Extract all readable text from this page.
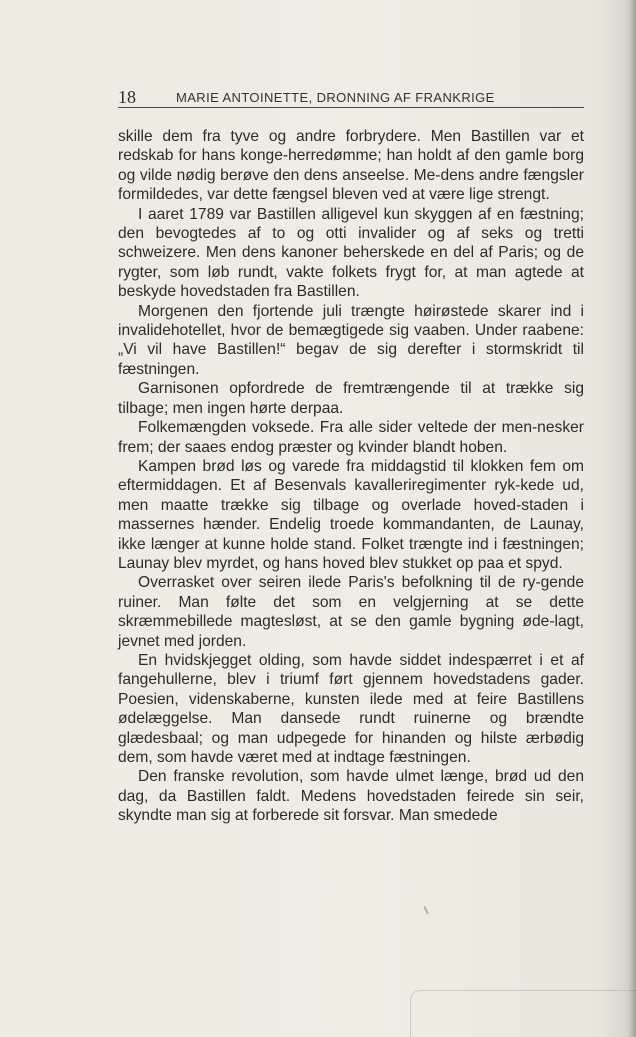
18	MARIE ANTOINETTE, DRONNING AF FRANKRIGE

skille dem fra tyve og andre forbrydere. Men Bastillen var et redskab for hans konge-herredømme; han holdt af den gamle borg og vilde nødig berøve den dens anseelse. Me-dens andre fængsler formildedes, var dette fængsel bleven ved at være lige strengt.

I aaret 1789 var Bastillen alligevel kun skyggen af en fæstning; den bevogtedes af to og otti invalider og af seks og tretti schweizere. Men dens kanoner beherskede en del af Paris; og de rygter, som løb rundt, vakte folkets frygt for, at man agtede at beskyde hovedstaden fra Bastillen.

Morgenen den fjortende juli trængte høirøstede skarer ind i invalidehotellet, hvor de bemægtigede sig vaaben. Under raabene: „Vi vil have Bastillen!“ begav de sig derefter i stormskridt til fæstningen.

Garnisonen opfordrede de fremtrængende til at trække sig tilbage; men ingen hørte derpaa.

Folkemængden voksede. Fra alle sider veltede der men-nesker frem; der saaes endog præster og kvinder blandt hoben.

Kampen brød løs og varede fra middagstid til klokken fem om eftermiddagen. Et af Besenvals kavalleriregimenter ryk-kede ud, men maatte trække sig tilbage og overlade hoved-staden i massernes hænder. Endelig troede kommandanten, de Launay, ikke længer at kunne holde stand. Folket trængte ind i fæstningen; Launay blev myrdet, og hans hoved blev stukket op paa et spyd.

Overrasket over seiren ilede Paris's befolkning til de ry-gende ruiner. Man følte det som en velgjerning at se dette skræmmebillede magtesløst, at se den gamle bygning øde-lagt, jevnet med jorden.

En hvidskjegget olding, som havde siddet indespærret i et af fangehullerne, blev i triumf ført gjennem hovedstadens gader. Poesien, videnskaberne, kunsten ilede med at feire Bastillens ødelæggelse. Man dansede rundt ruinerne og brændte glædesbaal; og man udpegede for hinanden og hilste ærbødig dem, som havde været med at indtage fæstningen.

Den franske revolution, som havde ulmet længe, brød ud den dag, da Bastillen faldt. Medens hovedstaden feirede sin seir, skyndte man sig at forberede sit forsvar. Man smedede
